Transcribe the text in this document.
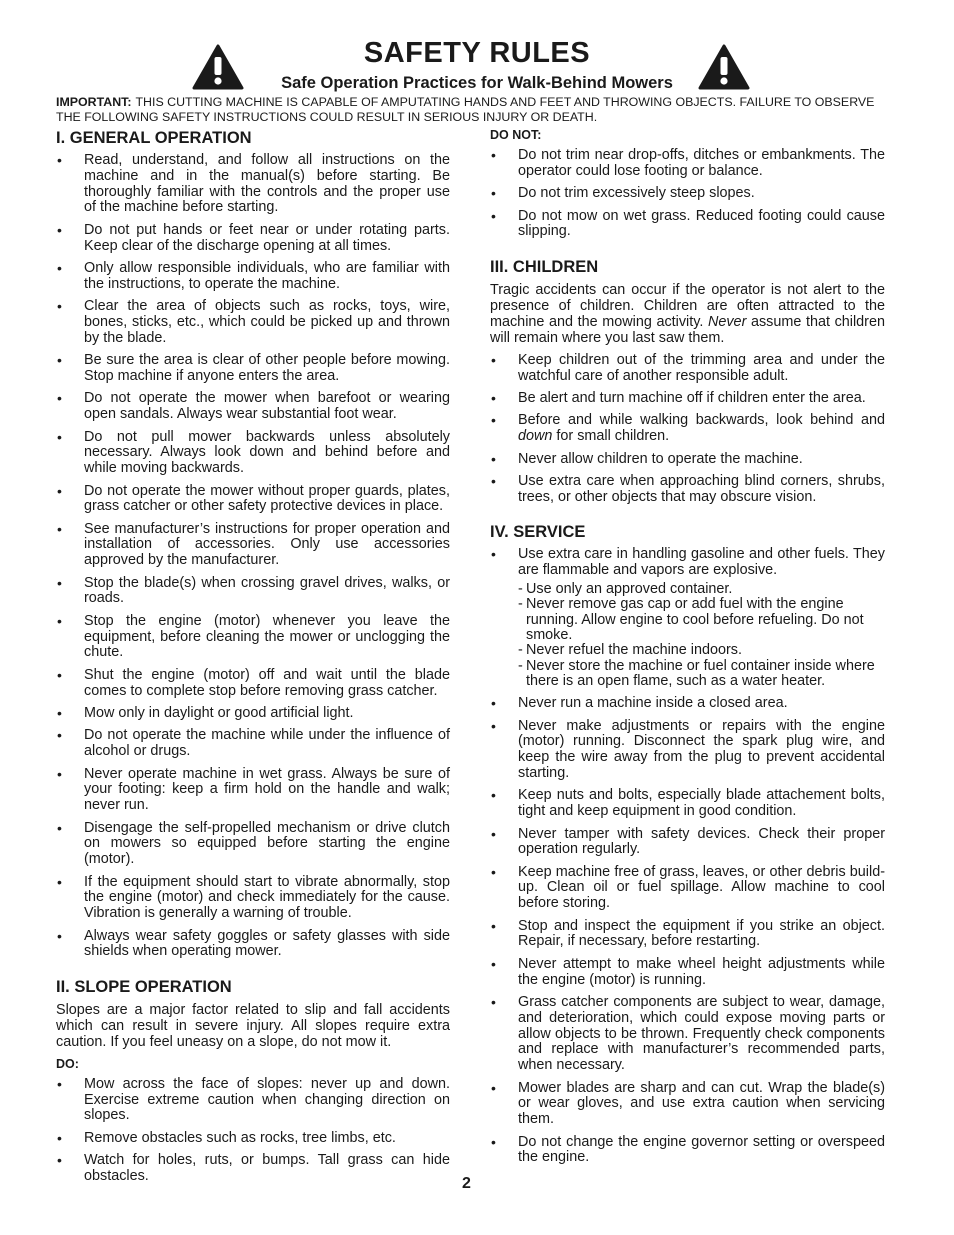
SAFETY RULES
Safe Operation Practices for Walk-Behind Mowers
IMPORTANT: THIS CUTTING MACHINE IS CAPABLE OF AMPUTATING HANDS AND FEET AND THROWING OBJECTS. FAILURE TO OBSERVE THE FOLLOWING SAFETY INSTRUCTIONS COULD RESULT IN SERIOUS INJURY OR DEATH.
I. GENERAL OPERATION
• Read, understand, and follow all instructions on the machine and in the manual(s) before starting. Be thoroughly familiar with the controls and the proper use of the machine before starting.
• Do not put hands or feet near or under rotating parts. Keep clear of the discharge opening at all times.
• Only allow responsible individuals, who are familiar with the instructions, to operate the machine.
• Clear the area of objects such as rocks, toys, wire, bones, sticks, etc., which could be picked up and thrown by the blade.
• Be sure the area is clear of other people before mowing. Stop machine if anyone enters the area.
• Do not operate the mower when barefoot or wearing open sandals. Always wear substantial foot wear.
• Do not pull mower backwards unless absolutely necessary. Always look down and behind before and while moving backwards.
• Do not operate the mower without proper guards, plates, grass catcher or other safety protective devices in place.
• See manufacturer’s instructions for proper operation and installation of accessories. Only use accessories approved by the manufacturer.
• Stop the blade(s) when crossing gravel drives, walks, or roads.
• Stop the engine (motor) whenever you leave the equipment, before cleaning the mower or unclogging the chute.
• Shut the engine (motor) off and wait until the blade comes to complete stop before removing grass catcher.
• Mow only in daylight or good artificial light.
• Do not operate the machine while under the influence of alcohol or drugs.
• Never operate machine in wet grass. Always be sure of your footing: keep a firm hold on the handle and walk; never run.
• Disengage the self-propelled mechanism or drive clutch on mowers so equipped before starting the engine (motor).
• If the equipment should start to vibrate abnormally, stop the engine (motor) and check immediately for the cause. Vibration is generally a warning of trouble.
• Always wear safety goggles or safety glasses with side shields when operating mower.
II. SLOPE OPERATION

Slopes are a major factor related to slip and fall accidents which can result in severe injury. All slopes require extra caution. If you feel uneasy on a slope, do not mow it.

DO:
• Mow across the face of slopes: never up and down. Exercise extreme caution when changing direction on slopes.
• Remove obstacles such as rocks, tree limbs, etc.
• Watch for holes, ruts, or bumps. Tall grass can hide obstacles.
DO NOT:
• Do not trim near drop-offs, ditches or embankments. The operator could lose footing or balance.
• Do not trim excessively steep slopes.
• Do not mow on wet grass. Reduced footing could cause slipping.
III. CHILDREN

Tragic accidents can occur if the operator is not alert to the presence of children. Children are often attracted to the machine and the mowing activity. Never assume that children will remain where you last saw them.

• Keep children out of the trimming area and under the watchful care of another responsible adult.
• Be alert and turn machine off if children enter the area.
• Before and while walking backwards, look behind and down for small children.
• Never allow children to operate the machine.
• Use extra care when approaching blind corners, shrubs, trees, or other objects that may obscure vision.
IV. SERVICE
• Use extra care in handling gasoline and other fuels. They are flammable and vapors are explosive.
- Use only an approved container.
- Never remove gas cap or add fuel with the engine running. Allow engine to cool before refueling. Do not smoke.
- Never refuel the machine indoors.
- Never store the machine or fuel container inside where there is an open flame, such as a water heater.
• Never run a machine inside a closed area.
• Never make adjustments or repairs with the engine (motor) running. Disconnect the spark plug wire, and keep the wire away from the plug to prevent accidental starting.
• Keep nuts and bolts, especially blade attachement bolts, tight and keep equipment in good condition.
• Never tamper with safety devices. Check their proper operation regularly.
• Keep machine free of grass, leaves, or other debris build-up. Clean oil or fuel spillage. Allow machine to cool before storing.
• Stop and inspect the equipment if you strike an object. Repair, if necessary, before restarting.
• Never attempt to make wheel height adjustments while the engine (motor) is running.
• Grass catcher components are subject to wear, damage, and deterioration, which could expose moving parts or allow objects to be thrown. Frequently check components and replace with manufacturer’s recommended parts, when necessary.
• Mower blades are sharp and can cut. Wrap the blade(s) or wear gloves, and use extra caution when servicing them.
• Do not change the engine governor setting or overspeed the engine.
2
